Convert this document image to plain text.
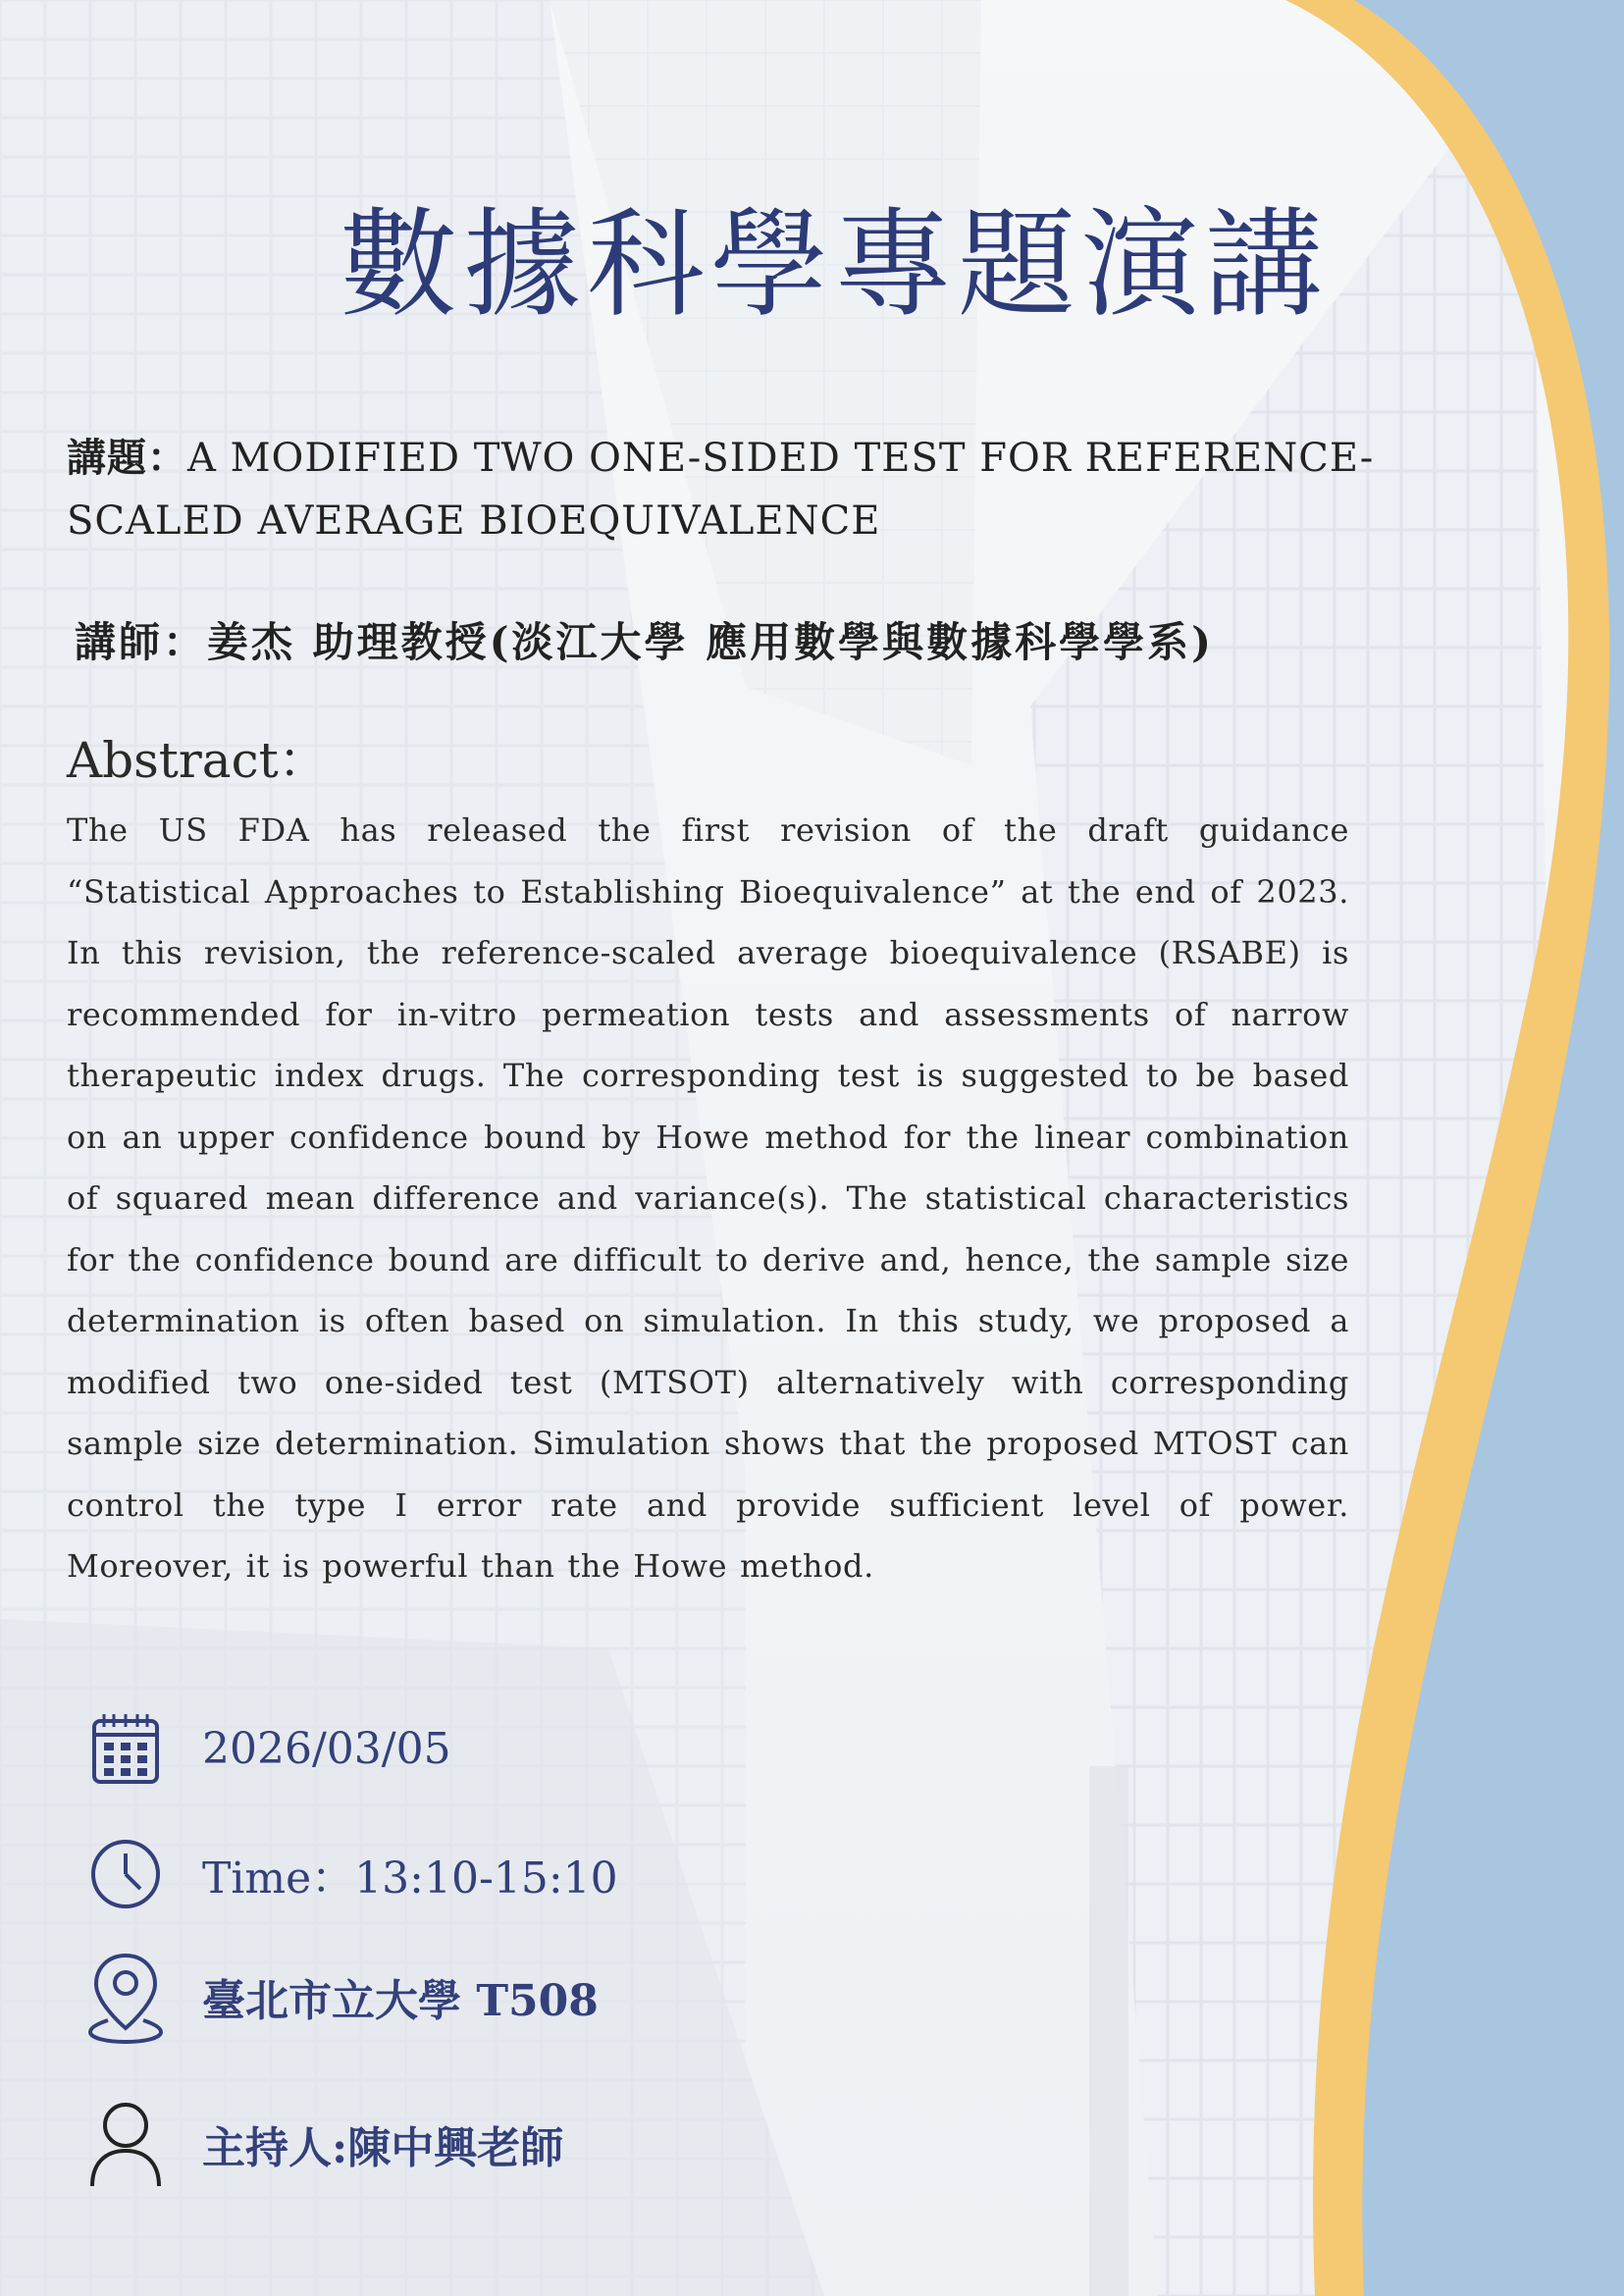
數據科學專題演講
講題：A MODIFIED TWO ONE-SIDED TEST FOR REFERENCE-SCALED AVERAGE BIOEQUIVALENCE
講師：姜杰 助理教授(淡江大學 應用數學與數據科學學系)
Abstract：
The US FDA has released the first revision of the draft guidance “Statistical Approaches to Establishing Bioequivalence” at the end of 2023. In this revision, the reference-scaled average bioequivalence (RSABE) is recommended for in-vitro permeation tests and assessments of narrow therapeutic index drugs. The corresponding test is suggested to be based on an upper confidence bound by Howe method for the linear combination of squared mean difference and variance(s). The statistical characteristics for the confidence bound are difficult to derive and, hence, the sample size determination is often based on simulation. In this study, we proposed a modified two one-sided test (MTSOT) alternatively with corresponding sample size determination. Simulation shows that the proposed MTOST can control the type I error rate and provide sufficient level of power. Moreover, it is powerful than the Howe method.
2026/03/05
Time：13:10-15:10
臺北市立大學 T508
主持人:陳中興老師
